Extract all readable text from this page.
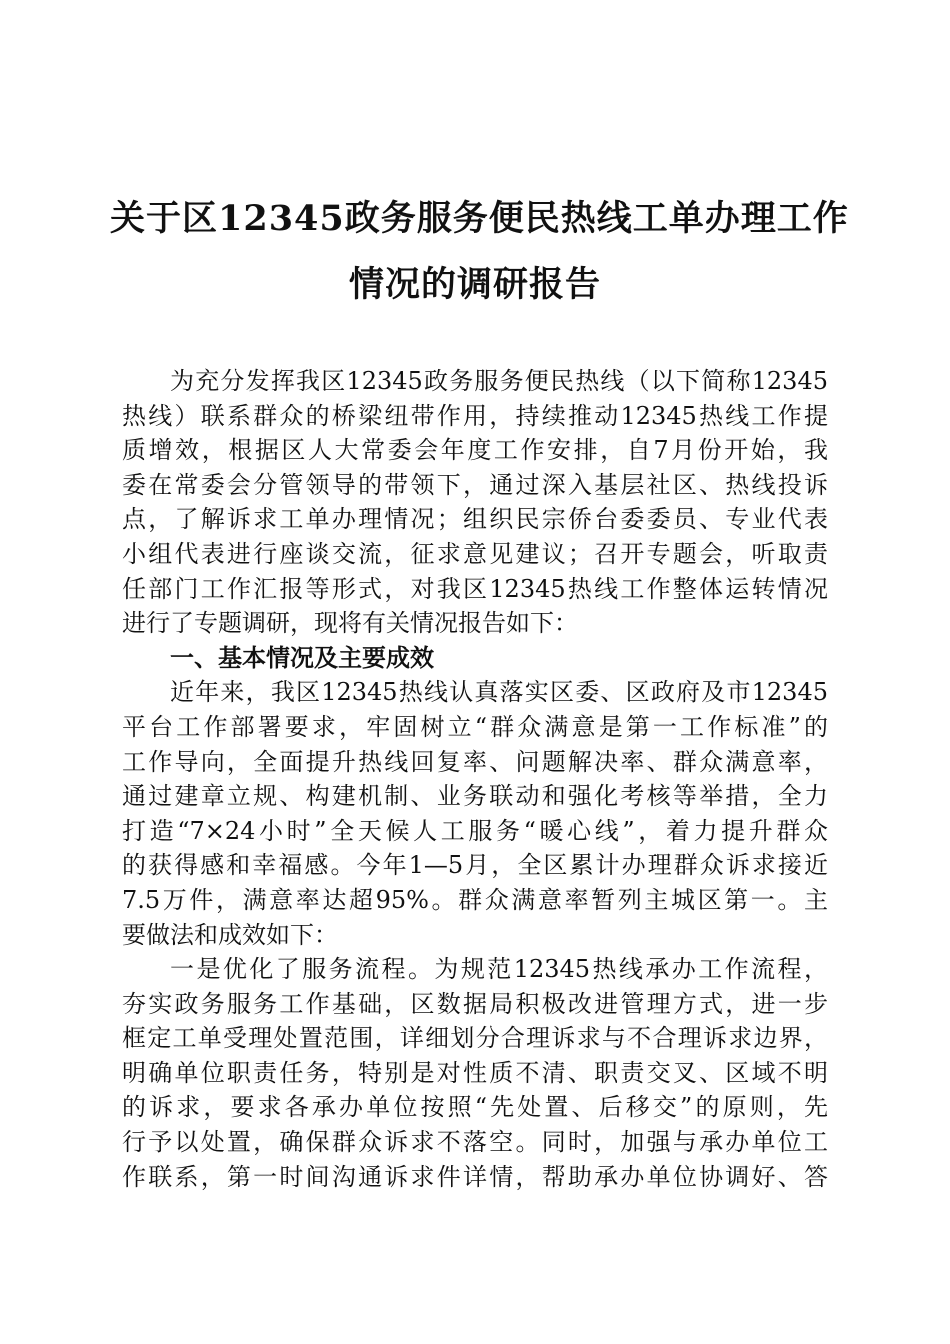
关于区12345政务服务便民热线工单办理工作
情况的调研报告
为充分发挥我区12345政务服务便民热线（以下简称12345
热线）联系群众的桥梁纽带作用，持续推动12345热线工作提
质增效，根据区人大常委会年度工作安排，自7月份开始，我
委在常委会分管领导的带领下，通过深入基层社区、热线投诉
点，了解诉求工单办理情况；组织民宗侨台委委员、专业代表
小组代表进行座谈交流，征求意见建议；召开专题会，听取责
任部门工作汇报等形式，对我区12345热线工作整体运转情况
进行了专题调研，现将有关情况报告如下：
一、基本情况及主要成效
近年来，我区12345热线认真落实区委、区政府及市12345
平台工作部署要求，牢固树立“群众满意是第一工作标准”的
工作导向，全面提升热线回复率、问题解决率、群众满意率，
通过建章立规、构建机制、业务联动和强化考核等举措，全力
打造“7×24小时”全天候人工服务“暖心线”，着力提升群众
的获得感和幸福感。今年1—5月，全区累计办理群众诉求接近
7.5万件，满意率达超95%。群众满意率暂列主城区第一。主
要做法和成效如下：
一是优化了服务流程。为规范12345热线承办工作流程，
夯实政务服务工作基础，区数据局积极改进管理方式，进一步
框定工单受理处置范围，详细划分合理诉求与不合理诉求边界，
明确单位职责任务，特别是对性质不清、职责交叉、区域不明
的诉求，要求各承办单位按照“先处置、后移交”的原则，先
行予以处置，确保群众诉求不落空。同时，加强与承办单位工
作联系，第一时间沟通诉求件详情，帮助承办单位协调好、答
